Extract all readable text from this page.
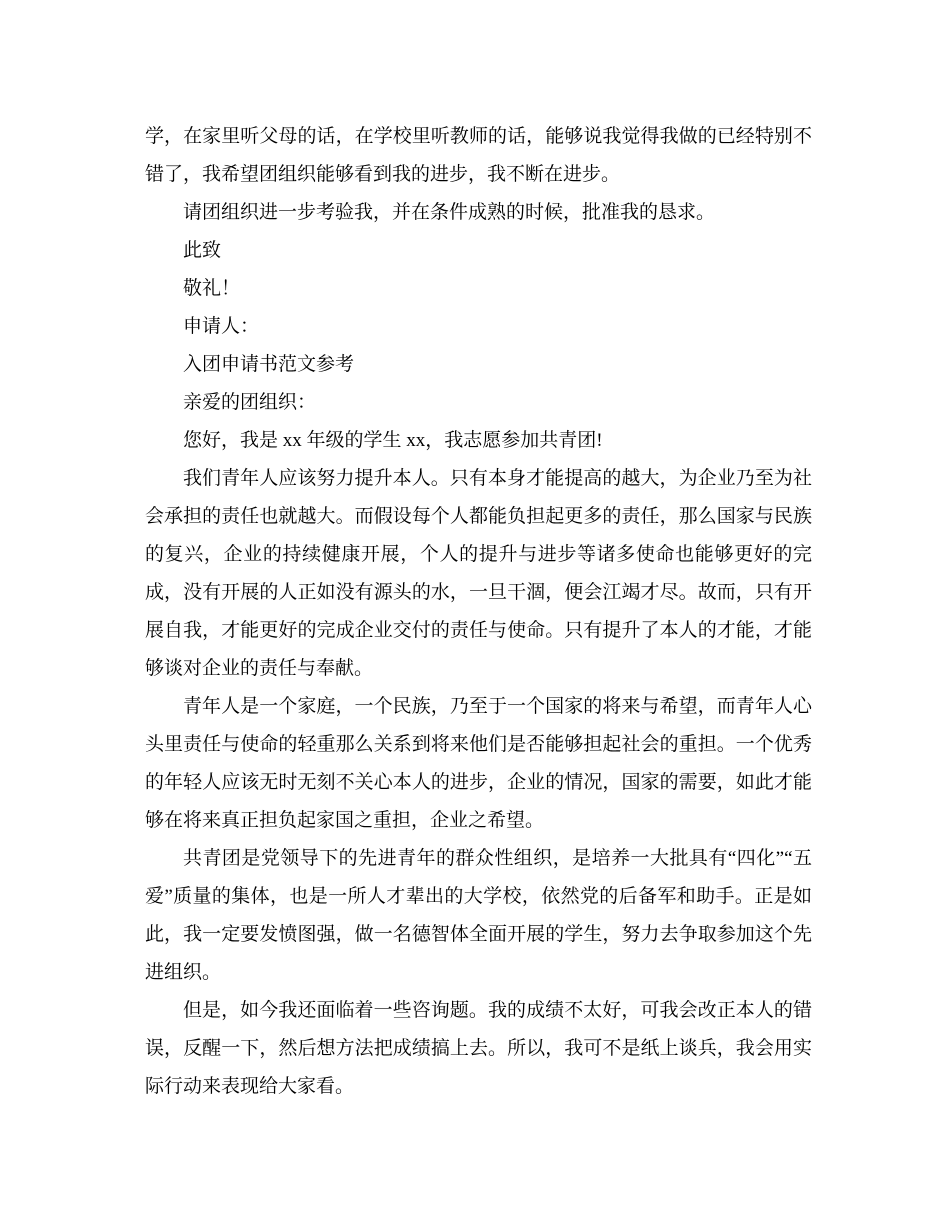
学，在家里听父母的话，在学校里听教师的话，能够说我觉得我做的已经特别不错了，我希望团组织能够看到我的进步，我不断在进步。

请团组织进一步考验我，并在条件成熟的时候，批准我的恳求。

此致

敬礼！

申请人：

入团申请书范文参考

亲爱的团组织：

您好，我是 xx 年级的学生 xx，我志愿参加共青团!

我们青年人应该努力提升本人。只有本身才能提高的越大，为企业乃至为社会承担的责任也就越大。而假设每个人都能负担起更多的责任，那么国家与民族的复兴，企业的持续健康开展，个人的提升与进步等诸多使命也能够更好的完成，没有开展的人正如没有源头的水，一旦干涸，便会江竭才尽。故而，只有开展自我，才能更好的完成企业交付的责任与使命。只有提升了本人的才能，才能够谈对企业的责任与奉献。

青年人是一个家庭，一个民族，乃至于一个国家的将来与希望，而青年人心头里责任与使命的轻重那么关系到将来他们是否能够担起社会的重担。一个优秀的年轻人应该无时无刻不关心本人的进步，企业的情况，国家的需要，如此才能够在将来真正担负起家国之重担，企业之希望。

共青团是党领导下的先进青年的群众性组织，是培养一大批具有“四化”“五爱”质量的集体，也是一所人才辈出的大学校，依然党的后备军和助手。正是如此，我一定要发愤图强，做一名德智体全面开展的学生，努力去争取参加这个先进组织。

但是，如今我还面临着一些咨询题。我的成绩不太好，可我会改正本人的错误，反醒一下，然后想方法把成绩搞上去。所以，我可不是纸上谈兵，我会用实际行动来表现给大家看。
